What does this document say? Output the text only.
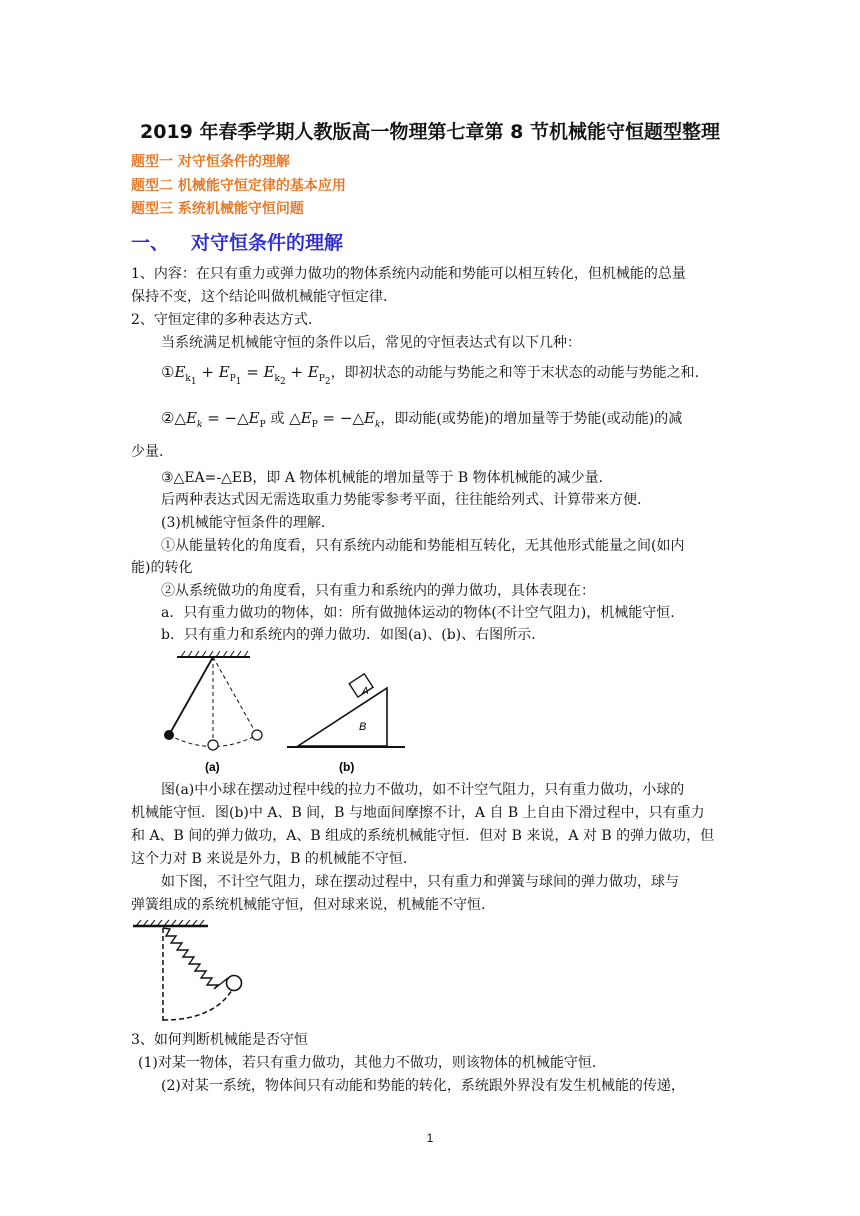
2019 年春季学期人教版高一物理第七章第 8 节机械能守恒题型整理
题型一 对守恒条件的理解
题型二 机械能守恒定律的基本应用
题型三 系统机械能守恒问题
一、 对守恒条件的理解
1、内容：在只有重力或弹力做功的物体系统内动能和势能可以相互转化，但机械能的总量
保持不变，这个结论叫做机械能守恒定律.
2、守恒定律的多种表达方式.
当系统满足机械能守恒的条件以后，常见的守恒表达式有以下几种：
$①E_{k_1} + E_{P_1} = E_{k_2} + E_{P_2}$，即初状态的动能与势能之和等于末状态的动能与势能之和.
$②\triangle E_k$ = $-\triangle E_P$ 或 $\triangle E_P$ = $-\triangle E_k$，即动能(或势能)的增加量等于势能(或动能)的减
少量.
③△EA=-△EB，即 A 物体机械能的增加量等于 B 物体机械能的减少量.
后两种表达式因无需选取重力势能零参考平面，往往能给列式、计算带来方便.
(3)机械能守恒条件的理解.
①从能量转化的角度看，只有系统内动能和势能相互转化，无其他形式能量之间(如内
能)的转化
②从系统做功的角度看，只有重力和系统内的弹力做功，具体表现在：
a．只有重力做功的物体，如：所有做抛体运动的物体(不计空气阻力)，机械能守恒.
b．只有重力和系统内的弹力做功．如图(a)、(b)、右图所示.
(a)
A
B
(b)
图(a)中小球在摆动过程中线的拉力不做功，如不计空气阻力，只有重力做功，小球的
机械能守恒．图(b)中 A、B 间，B 与地面间摩擦不计，A 自 B 上自由下滑过程中，只有重力
和 A、B 间的弹力做功，A、B 组成的系统机械能守恒．但对 B 来说，A 对 B 的弹力做功，但
这个力对 B 来说是外力，B 的机械能不守恒.
如下图，不计空气阻力，球在摆动过程中，只有重力和弹簧与球间的弹力做功，球与
弹簧组成的系统机械能守恒，但对球来说，机械能不守恒.
3、如何判断机械能是否守恒
(1)对某一物体，若只有重力做功，其他力不做功，则该物体的机械能守恒.
(2)对某一系统，物体间只有动能和势能的转化，系统跟外界没有发生机械能的传递，
1
